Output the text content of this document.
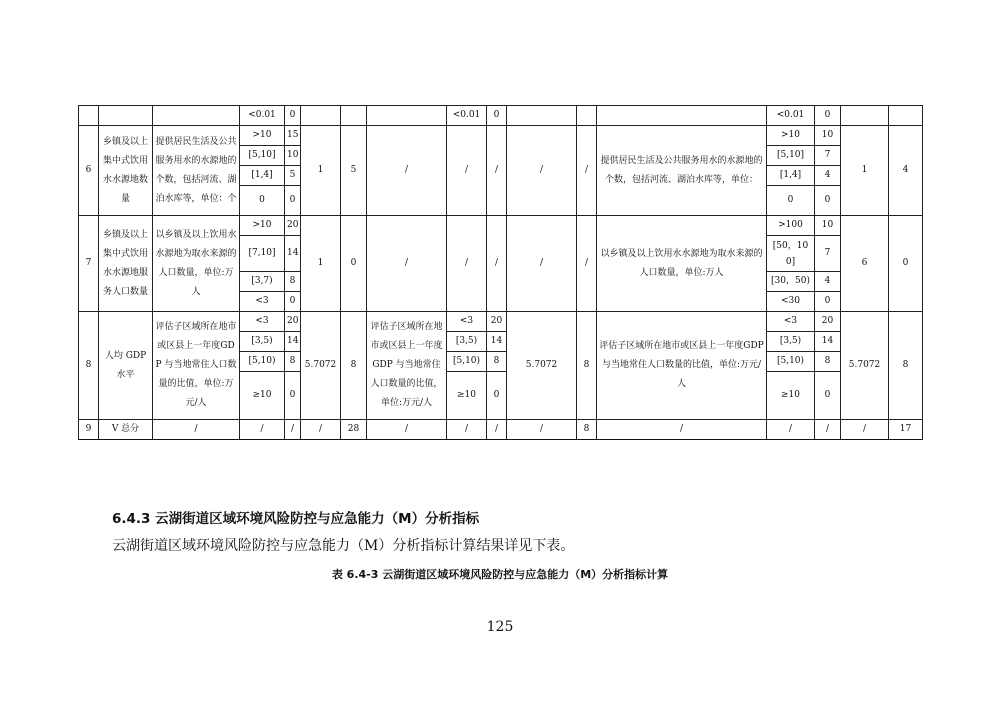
			<0.01	0				<0.01	0				<0.01	0		
6	乡镇及以上集中式饮用水水源地数量	提供居民生活及公共服务用水的水源地的个数，包括河流、湖泊水库等，单位：个	>10	15	1	5	/	/	/	/	/	提供居民生活及公共服务用水的水源地的个数，包括河流、湖泊水库等，单位：	>10	10	1	4
			[5,10]	10									[5,10]	7		
			[1,4]	5									[1,4]	4		
			0	0									0	0		
7	乡镇及以上集中式饮用水水源地服务人口数量	以乡镇及以上饮用水水源地为取水来源的人口数量，单位:万人	>10	20	1	0	/	/	/	/	/	以乡镇及以上饮用水水源地为取水来源的人口数量，单位:万人	>100	10	6	0
			[7,10]	14									[50，100]	7		
			[3,7)	8									[30，50)	4		
			<3	0									<30	0		
8	人均 GDP 水平	评估子区域所在地市或区县上一年度GDP 与当地常住人口数量的比值，单位:万元/人	<3	20	5.7072	8	评估子区域所在地市或区县上一年度 GDP 与当地常住人口数量的比值，单位:万元/人	<3	20	5.7072	8	评估子区域所在地市或区县上一年度GDP 与当地常住人口数量的比值，单位:万元/人	<3	20	5.7072	8
			[3,5)	14				[3,5)	14				[3,5)	14		
			[5,10)	8				[5,10)	8				[5,10)	8		
			≥10	0				≥10	0				≥10	0		
9	V 总分	/	/	/	/	28	/	/	/	/	8	/	/	/	/	17
6.4.3 云湖街道区域环境风险防控与应急能力（M）分析指标
云湖街道区域环境风险防控与应急能力（M）分析指标计算结果详见下表。
表 6.4-3 云湖街道区域环境风险防控与应急能力（M）分析指标计算
125
